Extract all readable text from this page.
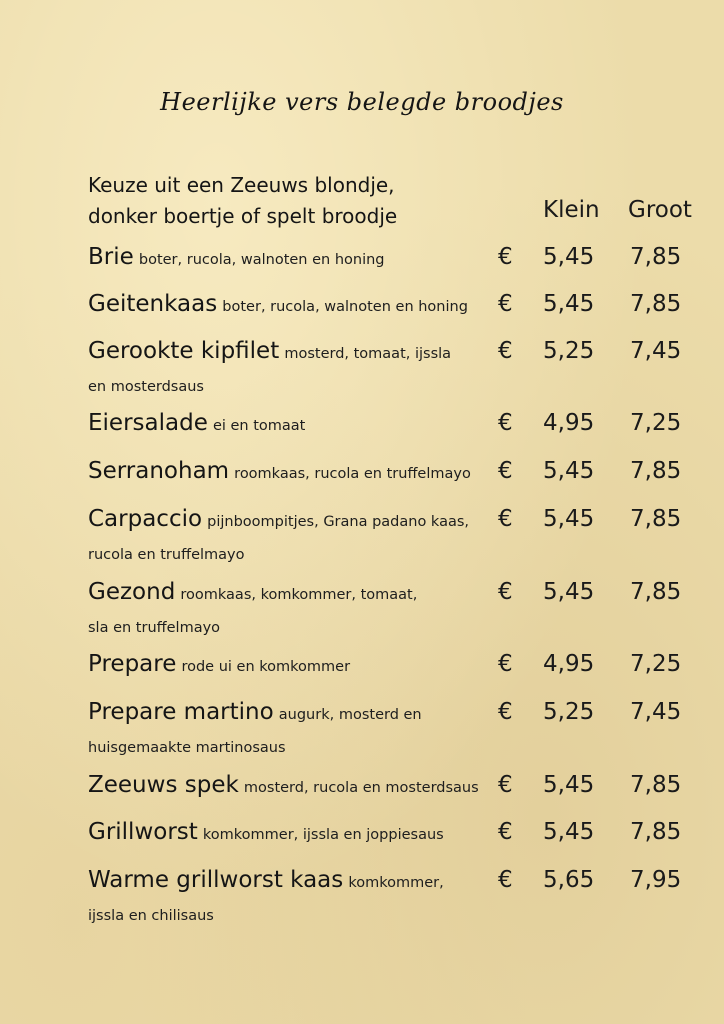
Heerlijke vers belegde broodjes
Keuze uit een Zeeuws blondje,
donker boertje of spelt broodje	Klein Groot
Brie boter, rucola, walnoten en honing	€ 5,45 7,85
Geitenkaas boter, rucola, walnoten en honing	€ 5,45 7,85
Gerookte kipfilet mosterd, tomaat, ijssla
en mosterdsaus
€ 5,25 7,45
Eiersalade ei en tomaat	€ 4,95 7,25
Serranoham roomkaas, rucola en truffelmayo	€ 5,45 7,85
Carpaccio pijnboompitjes, Grana padano kaas,
rucola en truffelmayo
€ 5,45 7,85
Gezond roomkaas, komkommer, tomaat,
sla en truffelmayo
€ 5,45 7,85
Prepare rode ui en komkommer	€ 4,95 7,25
Prepare martino augurk, mosterd en
huisgemaakte martinosaus
€ 5,25 7,45
Zeeuws spek mosterd, rucola en mosterdsaus € 5,45 7,85
Grillworst komkommer, ijssla en joppiesaus	€ 5,45 7,85
Warme grillworst kaas komkommer,
ijssla en chilisaus
€ 5,65 7,95
